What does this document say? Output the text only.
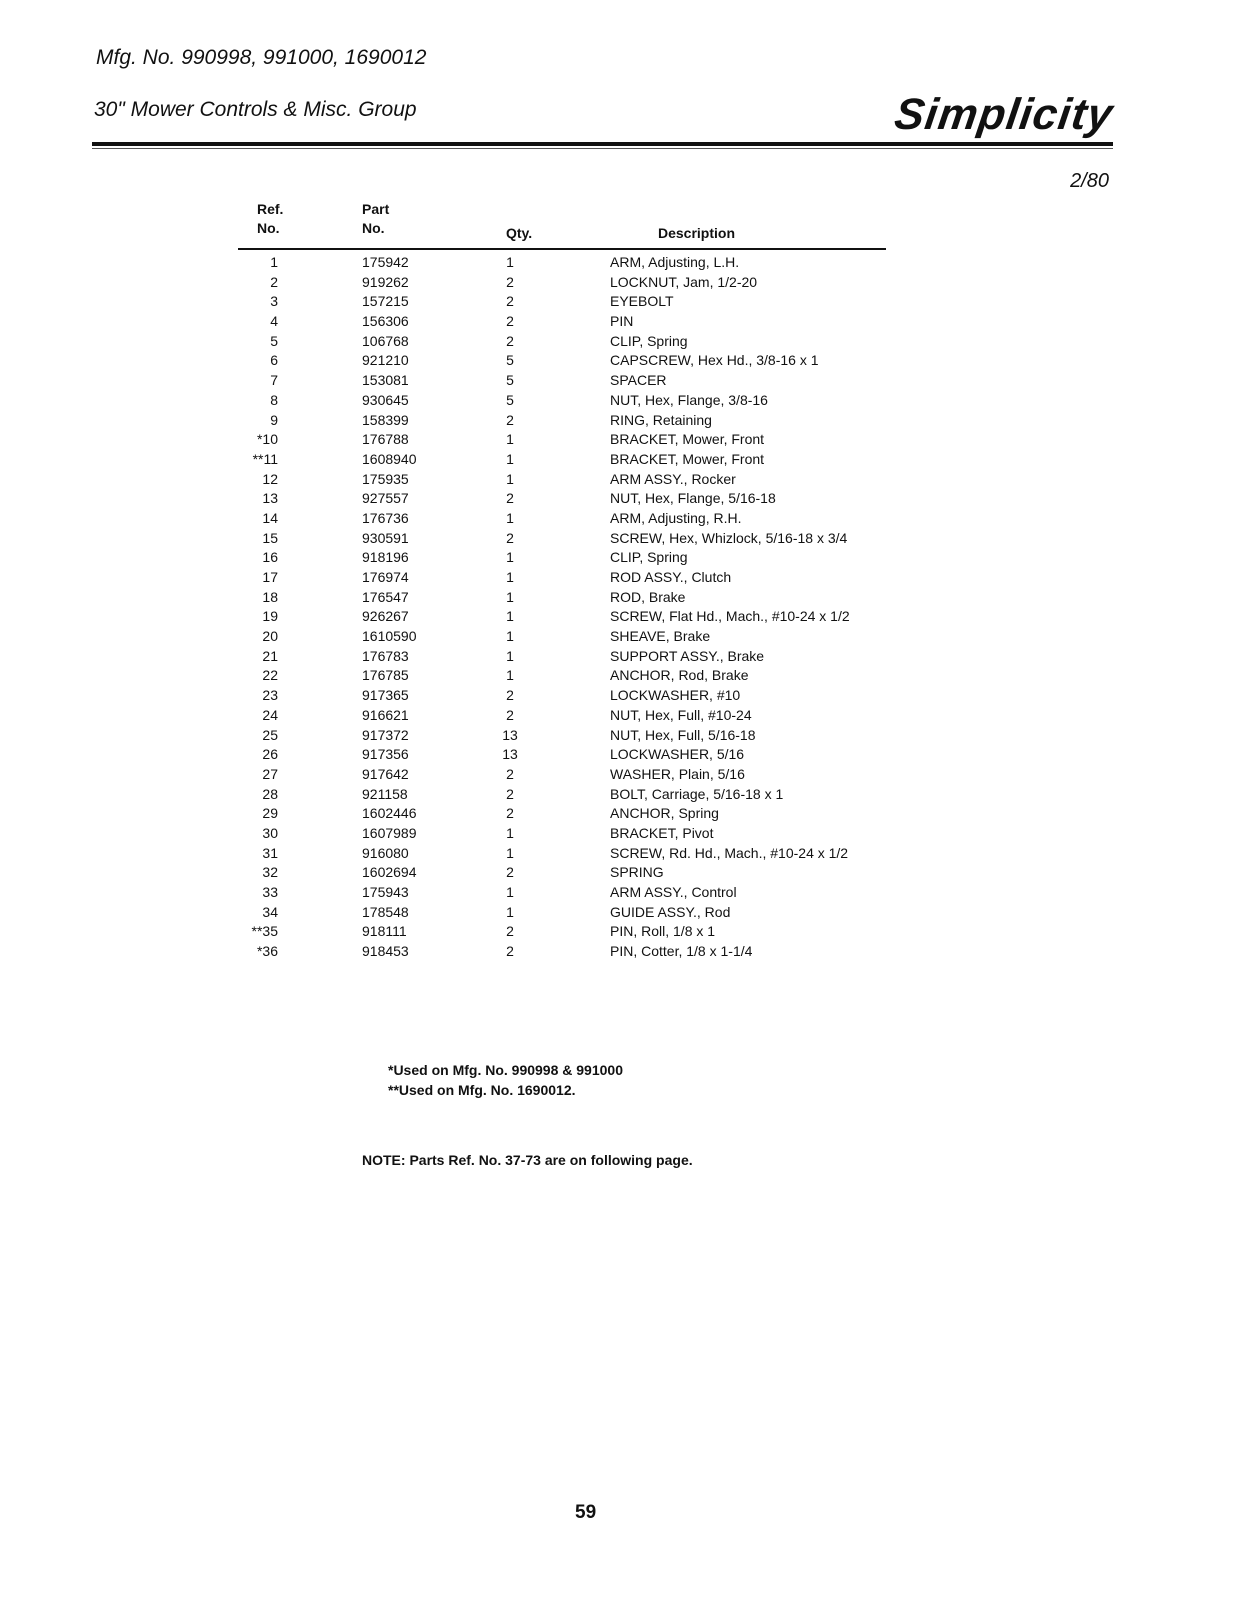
Mfg. No. 990998, 991000, 1690012
30" Mower Controls & Misc. Group	Simplicity
2/80
Ref.
No.
Part
No.	Qty.	Description
1	175942	1	ARM, Adjusting, L.H.
2	919262	2	LOCKNUT, Jam, 1/2-20
3	157215	2	EYEBOLT
4	156306	2	PIN
5	106768	2	CLIP, Spring
6	921210	5	CAPSCREW, Hex Hd., 3/8-16 x 1
7	153081	5	SPACER
8	930645	5	NUT, Hex, Flange, 3/8-16
9	158399	2	RING, Retaining
*10	176788	1	BRACKET, Mower, Front
**11	1608940	1	BRACKET, Mower, Front
12	175935	1	ARM ASSY., Rocker
13	927557	2	NUT, Hex, Flange, 5/16-18
14	176736	1	ARM, Adjusting, R.H.
15	930591	2	SCREW, Hex, Whizlock, 5/16-18 x 3/4
16	918196	1	CLIP, Spring
17	176974	1	ROD ASSY., Clutch
18	176547	1	ROD, Brake
19	926267	1	SCREW, Flat Hd., Mach., #10-24 x 1/2
20	1610590	1	SHEAVE, Brake
21	176783	1	SUPPORT ASSY., Brake
22	176785	1	ANCHOR, Rod, Brake
23	917365	2	LOCKWASHER, #10
24	916621	2	NUT, Hex, Full, #10-24
25	917372	13	NUT, Hex, Full, 5/16-18
26	917356	13	LOCKWASHER, 5/16
27	917642	2	WASHER, Plain, 5/16
28	921158	2	BOLT, Carriage, 5/16-18 x 1
29	1602446	2	ANCHOR, Spring
30	1607989	1	BRACKET, Pivot
31	916080	1	SCREW, Rd. Hd., Mach., #10-24 x 1/2
32	1602694	2	SPRING
33	175943	1	ARM ASSY., Control
34	178548	1	GUIDE ASSY., Rod
**35	918111	2	PIN, Roll, 1/8 x 1
*36	918453	2	PIN, Cotter, 1/8 x 1-1/4
*Used on Mfg. No. 990998 & 991000
**Used on Mfg. No. 1690012.
NOTE: Parts Ref. No. 37-73 are on following page.
59
